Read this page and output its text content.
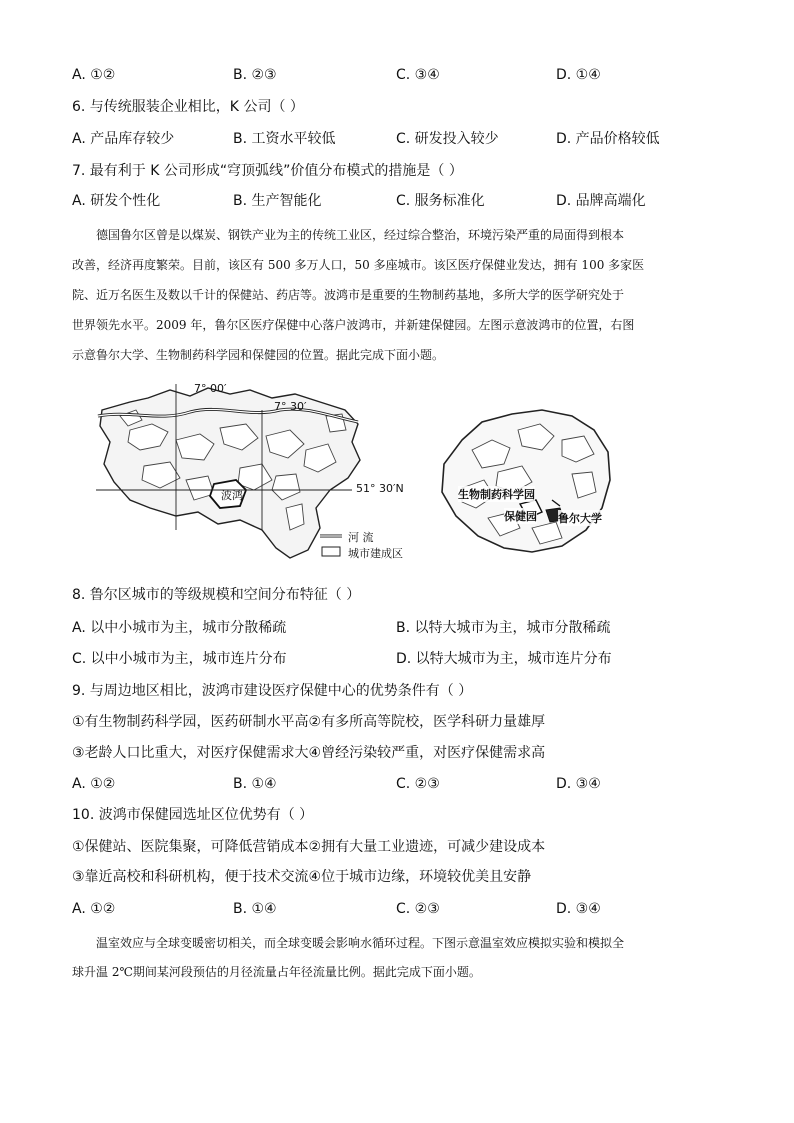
A. ①②	B. ②③	C. ③④	D. ①④
6. 与传统服装企业相比，K 公司（ ）
A. 产品库存较少	B. 工资水平较低	C. 研发投入较少	D. 产品价格较低
7. 最有利于 K 公司形成“穹顶弧线”价值分布模式的措施是（ ）
A. 研发个性化	B. 生产智能化	C. 服务标准化	D. 品牌高端化
德国鲁尔区曾是以煤炭、钢铁产业为主的传统工业区，经过综合整治，环境污染严重的局面得到根本
改善，经济再度繁荣。目前，该区有 500 多万人口，50 多座城市。该区医疗保健业发达，拥有 100 多家医
院、近万名医生及数以千计的保健站、药店等。波鸿市是重要的生物制药基地，多所大学的医学研究处于
世界领先水平。2009 年，鲁尔区医疗保健中心落户波鸿市，并新建保健园。左图示意波鸿市的位置，右图
示意鲁尔大学、生物制药科学园和保健园的位置。据此完成下面小题。
7° 00′
7° 30′
51° 30′N
波鸿
河 流
城市建成区
生物制药科学园
保健园 鲁尔大学
8. 鲁尔区城市的等级规模和空间分布特征（ ）
A. 以中小城市为主，城市分散稀疏	B. 以特大城市为主，城市分散稀疏
C. 以中小城市为主，城市连片分布	D. 以特大城市为主，城市连片分布
9. 与周边地区相比，波鸿市建设医疗保健中心的优势条件有（ ）
①有生物制药科学园，医药研制水平高②有多所高等院校，医学科研力量雄厚
③老龄人口比重大，对医疗保健需求大④曾经污染较严重，对医疗保健需求高
A. ①②	B. ①④	C. ②③	D. ③④
10. 波鸿市保健园选址区位优势有（ ）
①保健站、医院集聚，可降低营销成本②拥有大量工业遗迹，可减少建设成本
③靠近高校和科研机构，便于技术交流④位于城市边缘，环境较优美且安静
A. ①②	B. ①④	C. ②③	D. ③④
温室效应与全球变暖密切相关，而全球变暖会影响水循环过程。下图示意温室效应模拟实验和模拟全
球升温 2℃期间某河段预估的月径流量占年径流量比例。据此完成下面小题。
